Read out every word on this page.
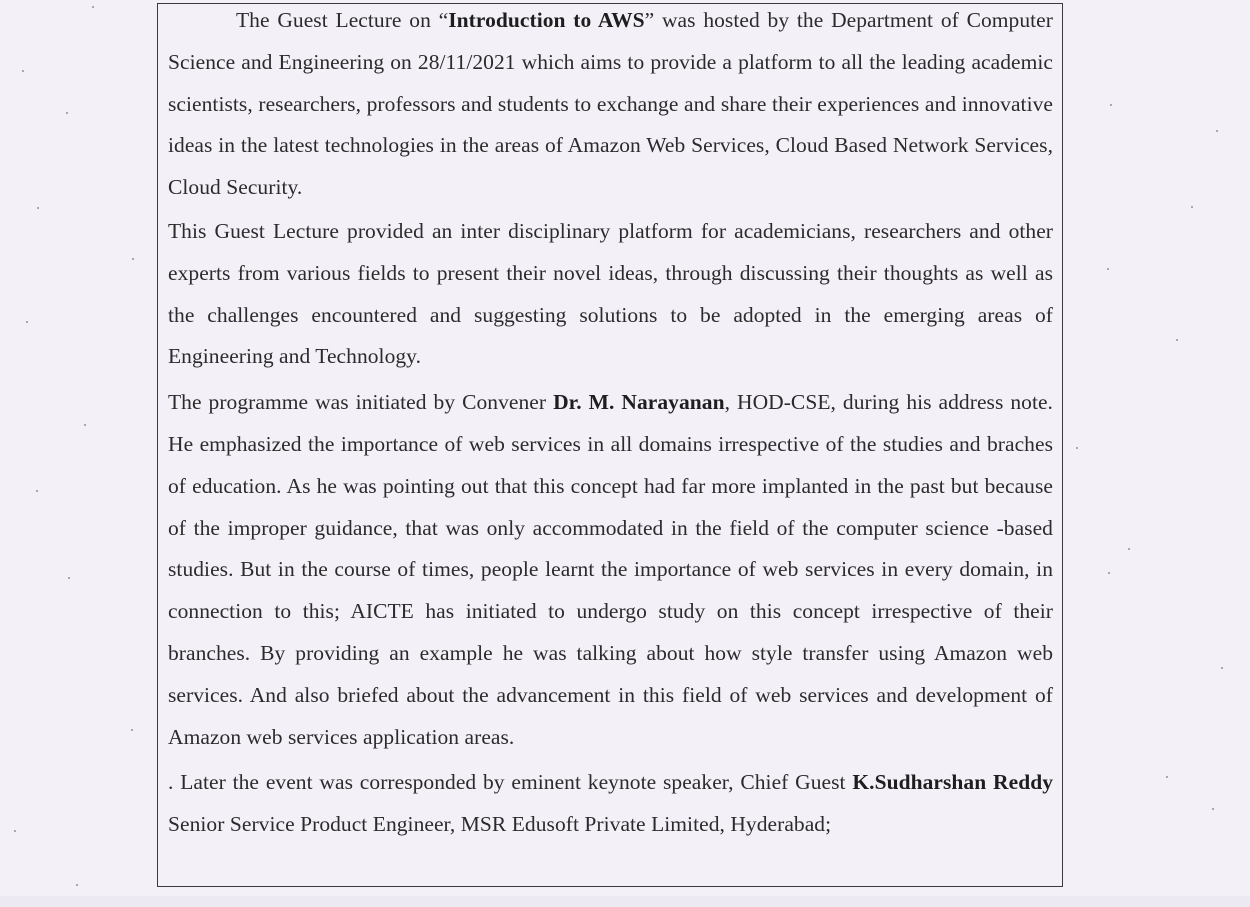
The Guest Lecture on “Introduction to AWS” was hosted by the Department of Computer Science and Engineering on 28/11/2021 which aims to provide a platform to all the leading academic scientists, researchers, professors and students to exchange and share their experiences and innovative ideas in the latest technologies in the areas of Amazon Web Services, Cloud Based Network Services, Cloud Security.

This Guest Lecture provided an inter disciplinary platform for academicians, researchers and other experts from various fields to present their novel ideas, through discussing their thoughts as well as the challenges encountered and suggesting solutions to be adopted in the emerging areas of Engineering and Technology.

The programme was initiated by Convener Dr. M. Narayanan, HOD-CSE, during his address note. He emphasized the importance of web services in all domains irrespective of the studies and braches of education. As he was pointing out that this concept had far more implanted in the past but because of the improper guidance, that was only accommodated in the field of the computer science -based studies. But in the course of times, people learnt the importance of web services in every domain, in connection to this; AICTE has initiated to undergo study on this concept irrespective of their branches. By providing an example he was talking about how style transfer using Amazon web services. And also briefed about the advancement in this field of web services and development of Amazon web services application areas.

. Later the event was corresponded by eminent keynote speaker, Chief Guest K.Sudharshan Reddy Senior Service Product Engineer, MSR Edusoft Private Limited, Hyderabad;
